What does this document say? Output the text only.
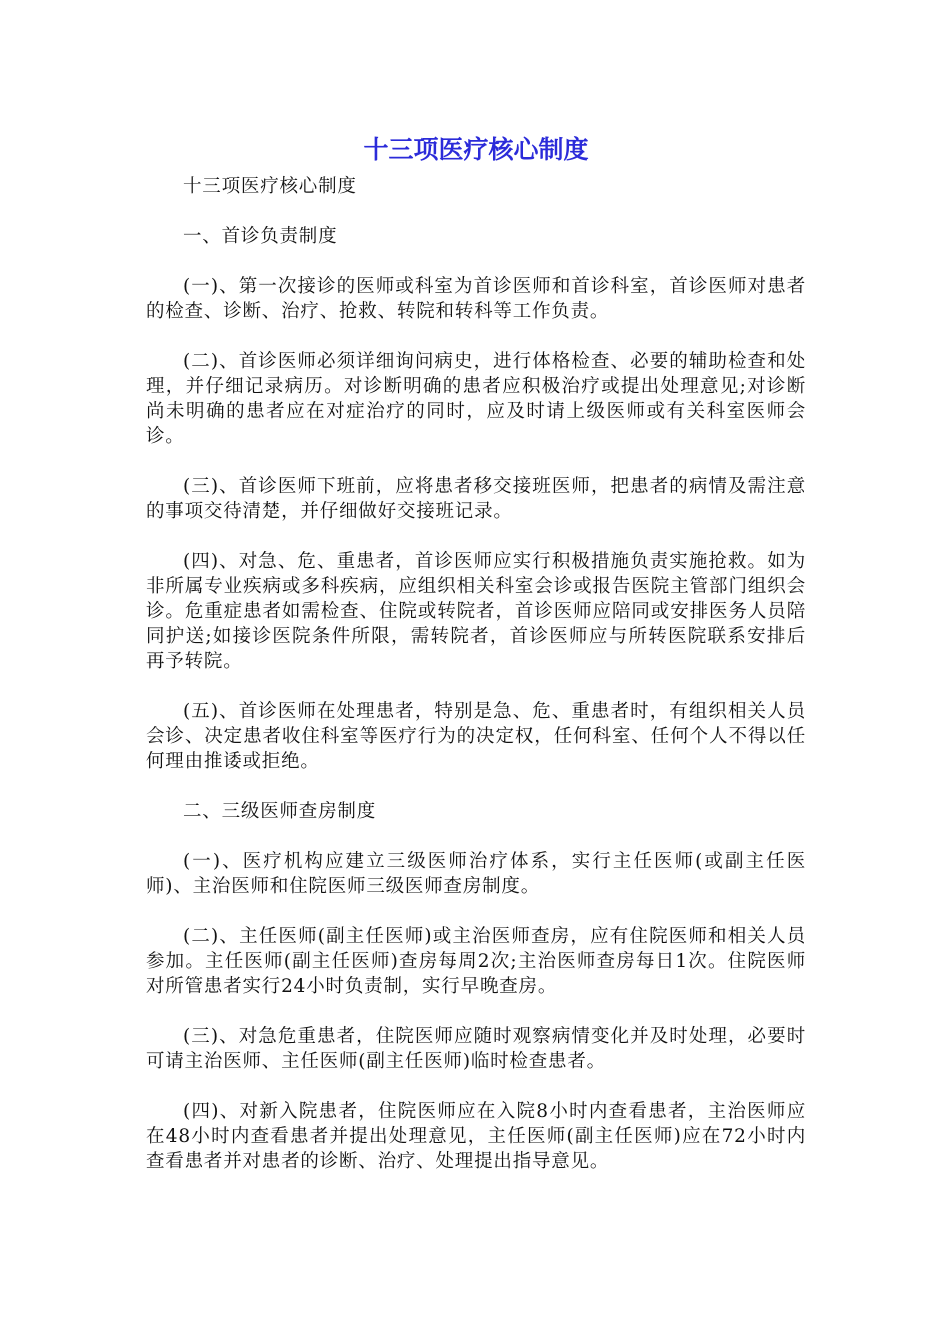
十三项医疗核心制度

十三项医疗核心制度

一、首诊负责制度

(一)、第一次接诊的医师或科室为首诊医师和首诊科室，首诊医师对患者的检查、诊断、治疗、抢救、转院和转科等工作负责。

(二)、首诊医师必须详细询问病史，进行体格检查、必要的辅助检查和处理，并仔细记录病历。对诊断明确的患者应积极治疗或提出处理意见;对诊断尚未明确的患者应在对症治疗的同时，应及时请上级医师或有关科室医师会诊。

(三)、首诊医师下班前，应将患者移交接班医师，把患者的病情及需注意的事项交待清楚，并仔细做好交接班记录。

(四)、对急、危、重患者，首诊医师应实行积极措施负责实施抢救。如为非所属专业疾病或多科疾病，应组织相关科室会诊或报告医院主管部门组织会诊。危重症患者如需检查、住院或转院者，首诊医师应陪同或安排医务人员陪同护送;如接诊医院条件所限，需转院者，首诊医师应与所转医院联系安排后再予转院。

(五)、首诊医师在处理患者，特别是急、危、重患者时，有组织相关人员会诊、决定患者收住科室等医疗行为的决定权，任何科室、任何个人不得以任何理由推诿或拒绝。

二、三级医师查房制度

(一)、医疗机构应建立三级医师治疗体系，实行主任医师(或副主任医师)、主治医师和住院医师三级医师查房制度。

(二)、主任医师(副主任医师)或主治医师查房，应有住院医师和相关人员参加。主任医师(副主任医师)查房每周2次;主治医师查房每日1次。住院医师对所管患者实行24小时负责制，实行早晚查房。

(三)、对急危重患者，住院医师应随时观察病情变化并及时处理，必要时可请主治医师、主任医师(副主任医师)临时检查患者。

(四)、对新入院患者，住院医师应在入院8小时内查看患者，主治医师应在48小时内查看患者并提出处理意见，主任医师(副主任医师)应在72小时内查看患者并对患者的诊断、治疗、处理提出指导意见。
